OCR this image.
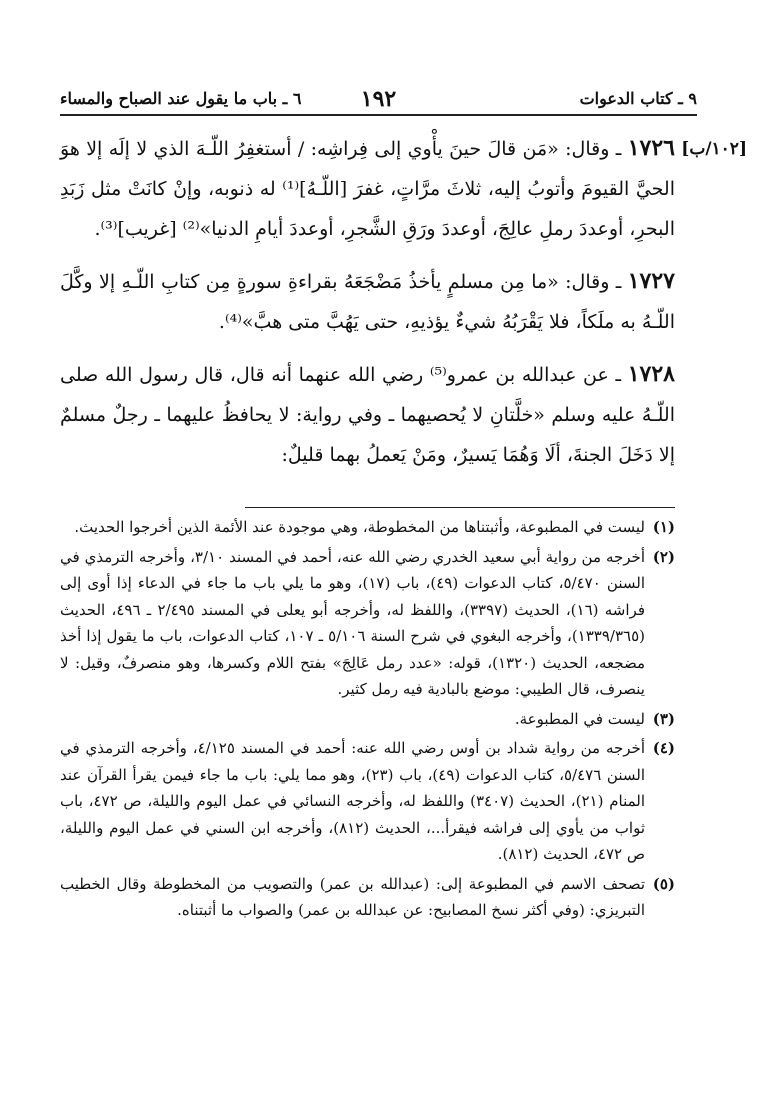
٩ ـ كتاب الدعوات
١٩٢
٦ ـ باب ما يقول عند الصباح والمساء
[١٠٢/ب]

١٧٢٦ ـ وقال: «مَن قالَ حينَ يأْوي إلى فِراشِه: / أستغفِرُ اللّـهَ الذي لا إلَه إلا هوَ الحيَّ القيومَ وأتوبُ إليه، ثلاثَ مرَّاتٍ، غفرَ [اللّـهُ]⁽¹⁾ له ذنوبه، وإنْ كانَتْ مثل زَبَدِ البحرِ، أوعددَ رملِ عالِجَ، أوعددَ ورَقِ الشَّجرِ، أوعددَ أيامِ الدنيا»⁽²⁾ [غريب]⁽³⁾.

١٧٢٧ ـ وقال: «ما مِن مسلمٍ يأخذُ مَضْجَعَهُ بقراءةِ سورةٍ مِن كتابِ اللّـهِ إلا وكَّلَ اللّـهُ به ملَكاً، فلا يَقْرَبُهُ شيءٌ يؤذيهِ، حتى يَهُبَّ متى هبَّ»⁽⁴⁾.

١٧٢٨ ـ عن عبدالله بن عمرو⁽⁵⁾ رضي الله عنهما أنه قال، قال رسول الله صلى اللّـهُ عليه وسلم «خلَّتانِ لا يُحصيهما ـ وفي رواية: لا يحافظُ عليهما ـ رجلٌ مسلمٌ إلا دَخَلَ الجنةَ، ألَا وَهُمَا يَسيرٌ، ومَنْ يَعملُ بهما قليلٌ:

(١)
ليست في المطبوعة، وأثبتناها من المخطوطة، وهي موجودة عند الأئمة الذين أخرجوا الحديث.
(٢)
أخرجه من رواية أبي سعيد الخدري رضي الله عنه، أحمد في المسند ٣/١٠، وأخرجه الترمذي في السنن ٥/٤٧٠، كتاب الدعوات (٤٩)، باب (١٧)، وهو ما يلي باب ما جاء في الدعاء إذا أوى إلى فراشه (١٦)، الحديث (٣٣٩٧)، واللفظ له، وأخرجه أبو يعلى في المسند ٢/٤٩٥ ـ ٤٩٦، الحديث (١٣٣٩/٣٦٥)، وأخرجه البغوي في شرح السنة ٥/١٠٦ ـ ١٠٧، كتاب الدعوات، باب ما يقول إذا أخذ مضجعه، الحديث (١٣٢٠)، قوله: «عدد رمل عَالِجَ» بفتح اللام وكسرها، وهو منصرفٌ، وقيل: لا ينصرف، قال الطيبي: موضع بالبادية فيه رمل كثير.
(٣)
ليست في المطبوعة.
(٤)
أخرجه من رواية شداد بن أوس رضي الله عنه: أحمد في المسند ٤/١٢٥، وأخرجه الترمذي في السنن ٥/٤٧٦، كتاب الدعوات (٤٩)، باب (٢٣)، وهو مما يلي: باب ما جاء فيمن يقرأ القرآن عند المنام (٢١)، الحديث (٣٤٠٧) واللفظ له، وأخرجه النسائي في عمل اليوم والليلة، ص ٤٧٢، باب ثواب من يأوي إلى فراشه فيقرأ...، الحديث (٨١٢)، وأخرجه ابن السني في عمل اليوم والليلة، ص ٤٧٢، الحديث (٨١٢).
(٥)
تصحف الاسم في المطبوعة إلى: (عبدالله بن عمر) والتصويب من المخطوطة وقال الخطيب التبريزي: (وفي أكثر نسخ المصابيح: عن عبدالله بن عمر) والصواب ما أثبتناه.
